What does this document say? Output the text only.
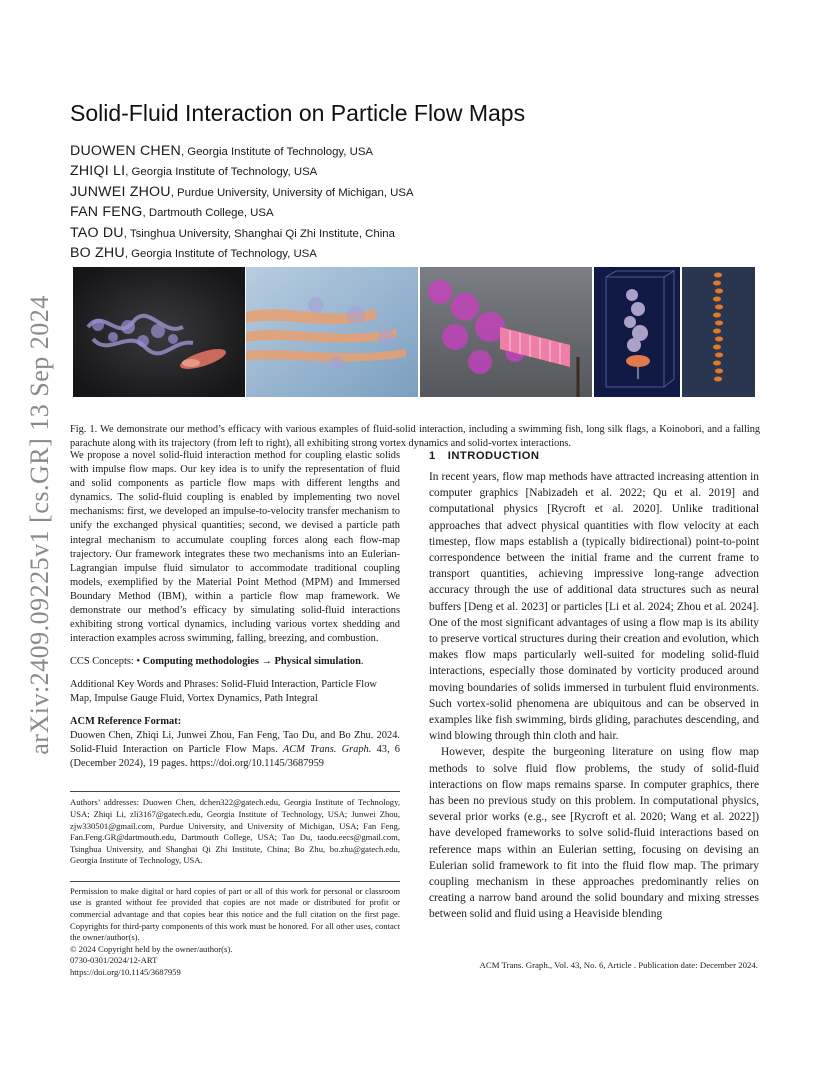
arXiv:2409.09225v1 [cs.GR] 13 Sep 2024
Solid-Fluid Interaction on Particle Flow Maps
DUOWEN CHEN, Georgia Institute of Technology, USA
ZHIQI LI, Georgia Institute of Technology, USA
JUNWEI ZHOU, Purdue University, University of Michigan, USA
FAN FENG, Dartmouth College, USA
TAO DU, Tsinghua University, Shanghai Qi Zhi Institute, China
BO ZHU, Georgia Institute of Technology, USA

Fig. 1. We demonstrate our method’s efficacy with various examples of fluid-solid interaction, including a swimming fish, long silk flags, a Koinobori, and a falling parachute along with its trajectory (from left to right), all exhibiting strong vortex dynamics and solid-vortex interactions.

We propose a novel solid-fluid interaction method for coupling elastic solids with impulse flow maps. Our key idea is to unify the representation of fluid and solid components as particle flow maps with different lengths and dynamics. The solid-fluid coupling is enabled by implementing two novel mechanisms: first, we developed an impulse-to-velocity transfer mechanism to unify the exchanged physical quantities; second, we devised a particle path integral mechanism to accumulate coupling forces along each flow-map trajectory. Our framework integrates these two mechanisms into an Eulerian-Lagrangian impulse fluid simulator to accommodate traditional coupling models, exemplified by the Material Point Method (MPM) and Immersed Boundary Method (IBM), within a particle flow map framework. We demonstrate our method’s efficacy by simulating solid-fluid interactions exhibiting strong vortical dynamics, including various vortex shedding and interaction examples across swimming, falling, breezing, and combustion.

CCS Concepts: • Computing methodologies → Physical simulation.

Additional Key Words and Phrases: Solid-Fluid Interaction, Particle Flow Map, Impulse Gauge Fluid, Vortex Dynamics, Path Integral

ACM Reference Format:

Duowen Chen, Zhiqi Li, Junwei Zhou, Fan Feng, Tao Du, and Bo Zhu. 2024. Solid-Fluid Interaction on Particle Flow Maps. ACM Trans. Graph. 43, 6 (December 2024), 19 pages. https://doi.org/10.1145/3687959

Authors’ addresses: Duowen Chen, dchen322@gatech.edu, Georgia Institute of Technology, USA; Zhiqi Li, zli3167@gatech.edu, Georgia Institute of Technology, USA; Junwei Zhou, zjw330501@gmail.com, Purdue University, and University of Michigan, USA; Fan Feng, Fan.Feng.GR@dartmouth.edu, Dartmouth College, USA; Tao Du, taodu.eecs@gmail.com, Tsinghua University, and Shanghai Qi Zhi Institute, China; Bo Zhu, bo.zhu@gatech.edu, Georgia Institute of Technology, USA.

Permission to make digital or hard copies of part or all of this work for personal or classroom use is granted without fee provided that copies are not made or distributed for profit or commercial advantage and that copies bear this notice and the full citation on the first page. Copyrights for third-party components of this work must be honored. For all other uses, contact the owner/author(s).

© 2024 Copyright held by the owner/author(s).

0730-0301/2024/12-ART

https://doi.org/10.1145/3687959

1 INTRODUCTION

In recent years, flow map methods have attracted increasing attention in computer graphics [Nabizadeh et al. 2022; Qu et al. 2019] and computational physics [Rycroft et al. 2020]. Unlike traditional approaches that advect physical quantities with flow velocity at each timestep, flow maps establish a (typically bidirectional) point-to-point correspondence between the initial frame and the current frame to transport quantities, achieving impressive long-range advection accuracy through the use of additional data structures such as neural buffers [Deng et al. 2023] or particles [Li et al. 2024; Zhou et al. 2024]. One of the most significant advantages of using a flow map is its ability to preserve vortical structures during their creation and evolution, which makes flow maps particularly well-suited for modeling solid-fluid interactions, especially those dominated by vorticity produced around moving boundaries of solids immersed in turbulent fluid environments. Such vortex-solid phenomena are ubiquitous and can be observed in examples like fish swimming, birds gliding, parachutes descending, and wind blowing through thin cloth and hair.

However, despite the burgeoning literature on using flow map methods to solve fluid flow problems, the study of solid-fluid interactions on flow maps remains sparse. In computer graphics, there has been no previous study on this problem. In computational physics, several prior works (e.g., see [Rycroft et al. 2020; Wang et al. 2022]) have developed frameworks to solve solid-fluid interactions based on reference maps within an Eulerian setting, focusing on devising an Eulerian solid framework to fit into the fluid flow map. The primary coupling mechanism in these approaches predominantly relies on creating a narrow band around the solid boundary and mixing stresses between solid and fluid using a Heaviside blending

ACM Trans. Graph., Vol. 43, No. 6, Article . Publication date: December 2024.
